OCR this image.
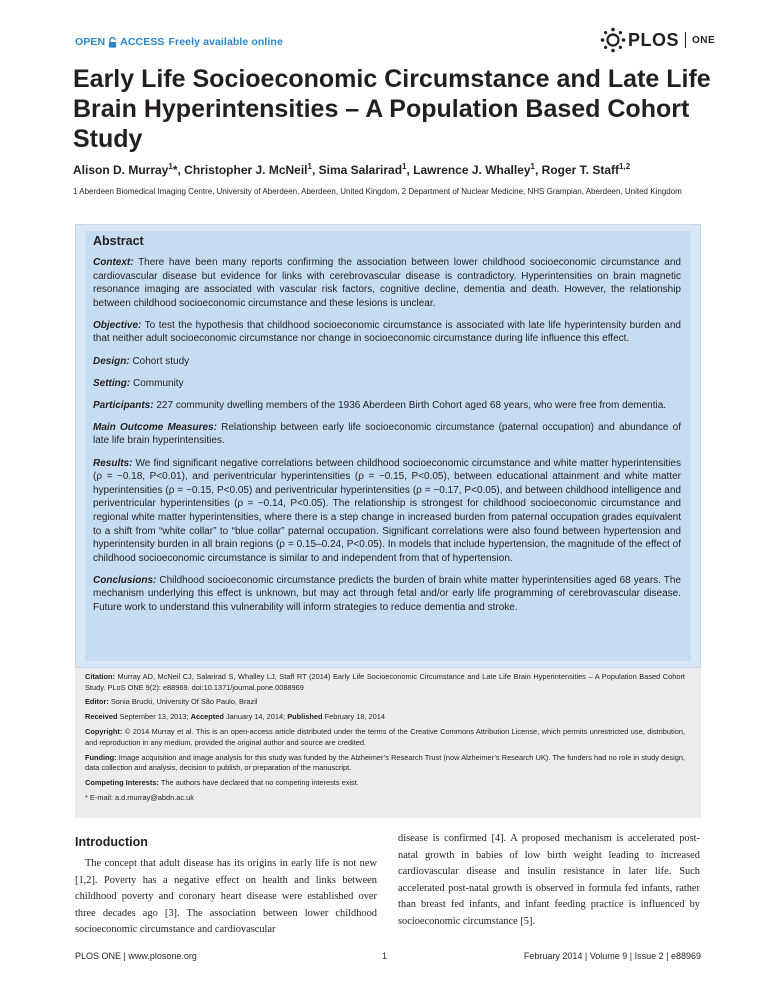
OPEN ACCESS Freely available online	PLOS ONE
Early Life Socioeconomic Circumstance and Late Life Brain Hyperintensities – A Population Based Cohort Study
Alison D. Murray$^1$*, Christopher J. McNeil$^1$, Sima Salarirad$^1$, Lawrence J. Whalley$^1$, Roger T. Staff$^{1,2}$
1 Aberdeen Biomedical Imaging Centre, University of Aberdeen, Aberdeen, United Kingdom, 2 Department of Nuclear Medicine, NHS Grampian, Aberdeen, United Kingdom
Abstract

Context: There have been many reports confirming the association between lower childhood socioeconomic circumstance and cardiovascular disease but evidence for links with cerebrovascular disease is contradictory. Hyperintensities on brain magnetic resonance imaging are associated with vascular risk factors, cognitive decline, dementia and death. However, the relationship between childhood socioeconomic circumstance and these lesions is unclear.

Objective: To test the hypothesis that childhood socioeconomic circumstance is associated with late life hyperintensity burden and that neither adult socioeconomic circumstance nor change in socioeconomic circumstance during life influence this effect.

Design: Cohort study

Setting: Community

Participants: 227 community dwelling members of the 1936 Aberdeen Birth Cohort aged 68 years, who were free from dementia.

Main Outcome Measures: Relationship between early life socioeconomic circumstance (paternal occupation) and abundance of late life brain hyperintensities.

Results: We find significant negative correlations between childhood socioeconomic circumstance and white matter hyperintensities (ρ = −0.18, P<0.01), and periventricular hyperintensities (ρ = −0.15, P<0.05), between educational attainment and white matter hyperintensities (ρ = −0.15, P<0.05) and periventricular hyperintensities (ρ = −0.17, P<0.05), and between childhood intelligence and periventricular hyperintensities (ρ = −0.14, P<0.05). The relationship is strongest for childhood socioeconomic circumstance and regional white matter hyperintensities, where there is a step change in increased burden from paternal occupation grades equivalent to a shift from “white collar” to “blue collar” paternal occupation. Significant correlations were also found between hypertension and hyperintensity burden in all brain regions (ρ = 0.15–0.24, P<0.05). In models that include hypertension, the magnitude of the effect of childhood socioeconomic circumstance is similar to and independent from that of hypertension.

Conclusions: Childhood socioeconomic circumstance predicts the burden of brain white matter hyperintensities aged 68 years. The mechanism underlying this effect is unknown, but may act through fetal and/or early life programming of cerebrovascular disease. Future work to understand this vulnerability will inform strategies to reduce dementia and stroke.

Citation: Murray AD, McNeil CJ, Salarirad S, Whalley LJ, Staff RT (2014) Early Life Socioeconomic Circumstance and Late Life Brain Hyperintensities – A Population Based Cohort Study. PLoS ONE 9(2): e88969. doi:10.1371/journal.pone.0088969

Editor: Sonia Brucki, University Of São Paulo, Brazil

Received September 13, 2013; Accepted January 14, 2014; Published February 18, 2014

Copyright: © 2014 Murray et al. This is an open-access article distributed under the terms of the Creative Commons Attribution License, which permits unrestricted use, distribution, and reproduction in any medium, provided the original author and source are credited.

Funding: Image acquisition and image analysis for this study was funded by the Alzheimer’s Research Trust (now Alzheimer’s Research UK). The funders had no role in study design, data collection and analysis, decision to publish, or preparation of the manuscript.

Competing Interests: The authors have declared that no competing interests exist.

* E-mail: a.d.murray@abdn.ac.uk

Introduction

The concept that adult disease has its origins in early life is not new [1,2]. Poverty has a negative effect on health and links between childhood poverty and coronary heart disease were established over three decades ago [3]. The association between lower childhood socioeconomic circumstance and cardiovascular

disease is confirmed [4]. A proposed mechanism is accelerated post-natal growth in babies of low birth weight leading to increased cardiovascular disease and insulin resistance in later life. Such accelerated post-natal growth is observed in formula fed infants, rather than breast fed infants, and infant feeding practice is influenced by socioeconomic circumstance [5].

PLOS ONE | www.plosone.org	1	February 2014 | Volume 9 | Issue 2 | e88969
